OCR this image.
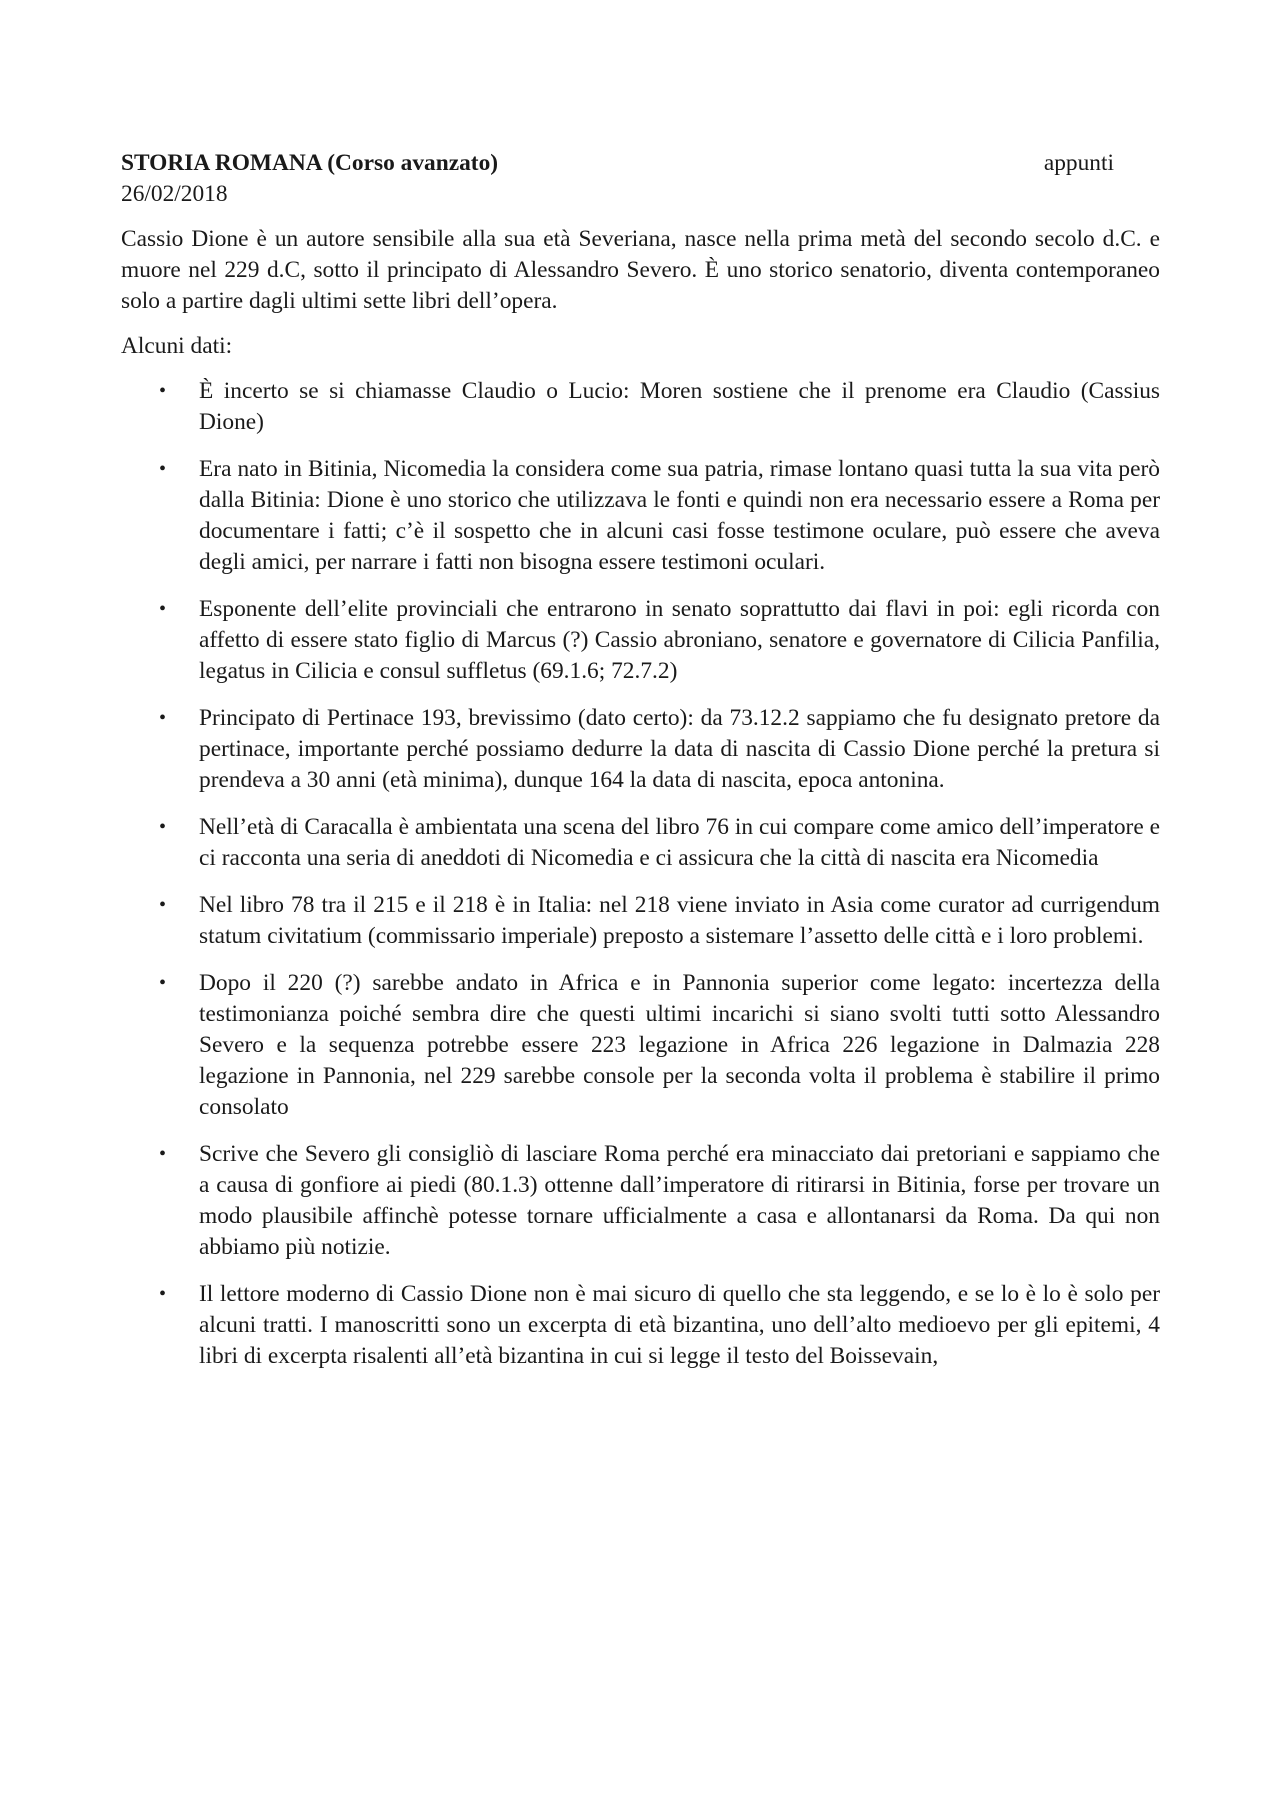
STORIA ROMANA (Corso avanzato)	appunti
26/02/2018

Cassio Dione è un autore sensibile alla sua età Severiana, nasce nella prima metà del secondo secolo d.C. e muore nel 229 d.C, sotto il principato di Alessandro Severo. È uno storico senatorio, diventa contemporaneo solo a partire dagli ultimi sette libri dell’opera.

Alcuni dati:

• È incerto se si chiamasse Claudio o Lucio: Moren sostiene che il prenome era Claudio (Cassius Dione)
• Era nato in Bitinia, Nicomedia la considera come sua patria, rimase lontano quasi tutta la sua vita però dalla Bitinia: Dione è uno storico che utilizzava le fonti e quindi non era necessario essere a Roma per documentare i fatti; c’è il sospetto che in alcuni casi fosse testimone oculare, può essere che aveva degli amici, per narrare i fatti non bisogna essere testimoni oculari.
• Esponente dell’elite provinciali che entrarono in senato soprattutto dai flavi in poi: egli ricorda con affetto di essere stato figlio di Marcus (?) Cassio abroniano, senatore e governatore di Cilicia Panfilia, legatus in Cilicia e consul suffletus (69.1.6; 72.7.2)
• Principato di Pertinace 193, brevissimo (dato certo): da 73.12.2 sappiamo che fu designato pretore da pertinace, importante perché possiamo dedurre la data di nascita di Cassio Dione perché la pretura si prendeva a 30 anni (età minima), dunque 164 la data di nascita, epoca antonina.
• Nell’età di Caracalla è ambientata una scena del libro 76 in cui compare come amico dell’imperatore e ci racconta una seria di aneddoti di Nicomedia e ci assicura che la città di nascita era Nicomedia
• Nel libro 78 tra il 215 e il 218 è in Italia: nel 218 viene inviato in Asia come curator ad currigendum statum civitatium (commissario imperiale) preposto a sistemare l’assetto delle città e i loro problemi.
• Dopo il 220 (?) sarebbe andato in Africa e in Pannonia superior come legato: incertezza della testimonianza poiché sembra dire che questi ultimi incarichi si siano svolti tutti sotto Alessandro Severo e la sequenza potrebbe essere 223 legazione in Africa 226 legazione in Dalmazia 228 legazione in Pannonia, nel 229 sarebbe console per la seconda volta il problema è stabilire il primo consolato
• Scrive che Severo gli consigliò di lasciare Roma perché era minacciato dai pretoriani e sappiamo che a causa di gonfiore ai piedi (80.1.3) ottenne dall’imperatore di ritirarsi in Bitinia, forse per trovare un modo plausibile affinchè potesse tornare ufficialmente a casa e allontanarsi da Roma. Da qui non abbiamo più notizie.
• Il lettore moderno di Cassio Dione non è mai sicuro di quello che sta leggendo, e se lo è lo è solo per alcuni tratti. I manoscritti sono un excerpta di età bizantina, uno dell’alto medioevo per gli epitemi, 4 libri di excerpta risalenti all’età bizantina in cui si legge il testo del Boissevain,
